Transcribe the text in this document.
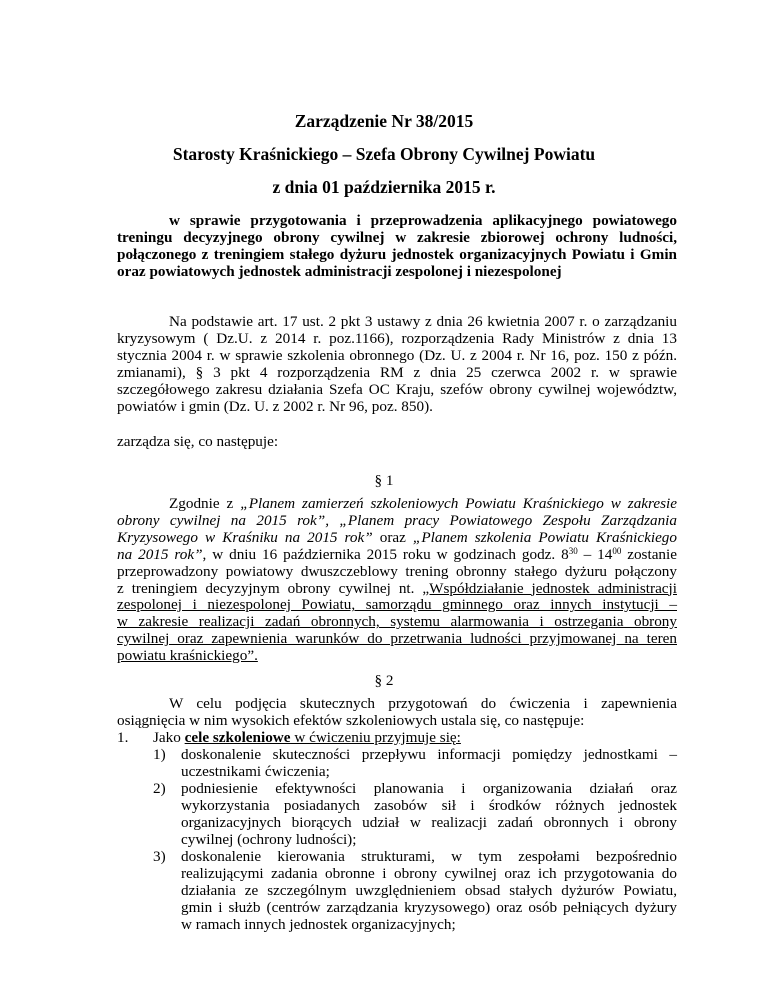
Zarządzenie Nr 38/2015
Starosty Kraśnickiego – Szefa Obrony Cywilnej Powiatu
z dnia 01 października 2015 r.
w sprawie przygotowania i przeprowadzenia aplikacyjnego powiatowego
treningu decyzyjnego obrony cywilnej w zakresie zbiorowej ochrony ludności,
połączonego z treningiem stałego dyżuru jednostek organizacyjnych Powiatu i Gmin
oraz powiatowych jednostek administracji zespolonej i niezespolonej
Na podstawie art. 17 ust. 2 pkt 3 ustawy z dnia 26 kwietnia 2007 r. o zarządzaniu
kryzysowym ( Dz.U. z 2014 r. poz.1166), rozporządzenia Rady Ministrów z dnia 13
stycznia 2004 r. w sprawie szkolenia obronnego (Dz. U. z 2004 r. Nr 16, poz. 150 z późn.
zmianami), § 3 pkt 4 rozporządzenia RM z dnia 25 czerwca 2002 r. w sprawie
szczegółowego zakresu działania Szefa OC Kraju, szefów obrony cywilnej województw,
powiatów i gmin (Dz. U. z 2002 r. Nr 96, poz. 850).
zarządza się, co następuje:
§ 1
Zgodnie z „Planem zamierzeń szkoleniowych Powiatu Kraśnickiego w zakresie
obrony cywilnej na 2015 rok”, „Planem pracy Powiatowego Zespołu Zarządzania
Kryzysowego w Kraśniku na 2015 rok” oraz „Planem szkolenia Powiatu Kraśnickiego
na 2015 rok”, w dniu 16 października 2015 roku w godzinach godz. $8^{30} - 14^{00}$ zostanie
przeprowadzony powiatowy dwuszczeblowy trening obronny stałego dyżuru połączony
z treningiem decyzyjnym obrony cywilnej nt. „Współdziałanie jednostek administracji
zespolonej i niezespolonej Powiatu, samorządu gminnego oraz innych instytucji –
w zakresie realizacji zadań obronnych, systemu alarmowania i ostrzegania obrony
cywilnej oraz zapewnienia warunków do przetrwania ludności przyjmowanej na teren
powiatu kraśnickiego”.
§ 2
W celu podjęcia skutecznych przygotowań do ćwiczenia i zapewnienia
osiągnięcia w nim wysokich efektów szkoleniowych ustala się, co następuje:
1. Jako cele szkoleniowe w ćwiczeniu przyjmuje się:
1) doskonalenie skuteczności przepływu informacji pomiędzy jednostkami –
uczestnikami ćwiczenia;
2) podniesienie efektywności planowania i organizowania działań oraz
wykorzystania posiadanych zasobów sił i środków różnych jednostek
organizacyjnych biorących udział w realizacji zadań obronnych i obrony
cywilnej (ochrony ludności);
3) doskonalenie kierowania strukturami, w tym zespołami bezpośrednio
realizującymi zadania obronne i obrony cywilnej oraz ich przygotowania do
działania ze szczególnym uwzględnieniem obsad stałych dyżurów Powiatu,
gmin i służb (centrów zarządzania kryzysowego) oraz osób pełniących dyżury
w ramach innych jednostek organizacyjnych;
